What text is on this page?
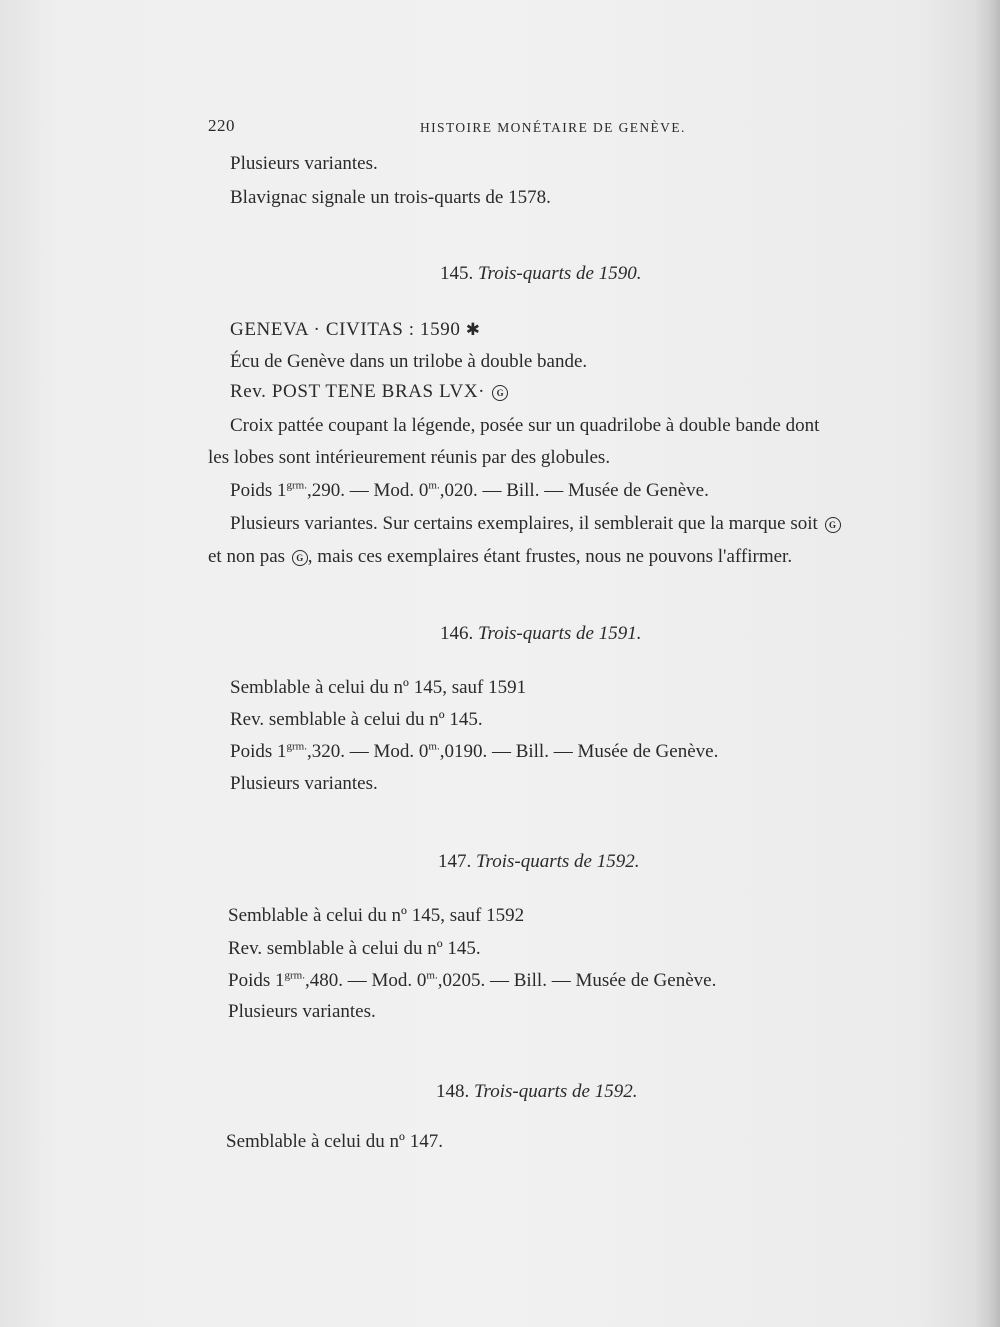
220	HISTOIRE MONÉTAIRE DE GENÈVE.
Plusieurs variantes.
Blavignac signale un trois-quarts de 1578.
145. Trois-quarts de 1590.
GENEVA · CIVITAS : 1590 ✱
Écu de Genève dans un trilobe à double bande.
Rev. POST TENE BRAS LVX· G
Croix pattée coupant la légende, posée sur un quadrilobe à double bande dont
les lobes sont intérieurement réunis par des globules.
Poids $1^{grm.},290$. — Mod. $0^{m.},020$. — Bill. — Musée de Genève.
Plusieurs variantes. Sur certains exemplaires, il semblerait que la marque soit G
et non pas G , mais ces exemplaires étant frustes, nous ne pouvons l'affirmer.
146. Trois-quarts de 1591.
Semblable à celui du nº 145, sauf 1591
Rev. semblable à celui du nº 145.
Poids $1^{grm.},320$. — Mod. $0^{m.},0190$. — Bill. — Musée de Genève.
Plusieurs variantes.
147. Trois-quarts de 1592.
Semblable à celui du nº 145, sauf 1592
Rev. semblable à celui du nº 145.
Poids $1^{grm.},480$. — Mod. $0^{m.},0205$. — Bill. — Musée de Genève.
Plusieurs variantes.
148. Trois-quarts de 1592.
Semblable à celui du nº 147.
